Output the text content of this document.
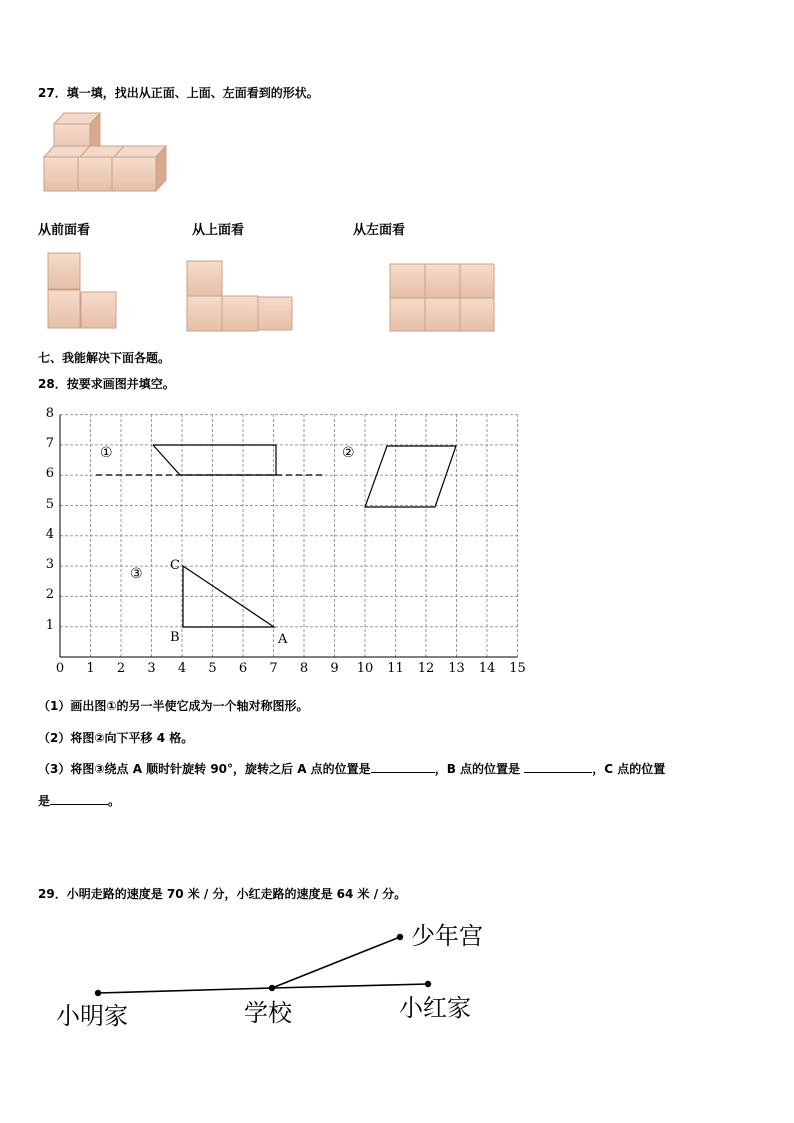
27．填一填，找出从正面、上面、左面看到的形状。
从前面看	从上面看	从左面看
七、我能解决下面各题。
28．按要求画图并填空。
0	1	2	3	4	5	6	7	8	9	10 11 12 13 14 15
1
2
3
4
5
6
7
8
①	②
③
C
B	A
（1）画出图①的另一半使它成为一个轴对称图形。
（2）将图②向下平移 4 格。
（3）将图③绕点 A 顺时针旋转 90°，旋转之后 A 点的位置是	，B 点的位置是	，C 点的位置
是	。
29．小明走路的速度是 70 米 / 分，小红走路的速度是 64 米 / 分。
少年宫
小明家	学校	小红家
